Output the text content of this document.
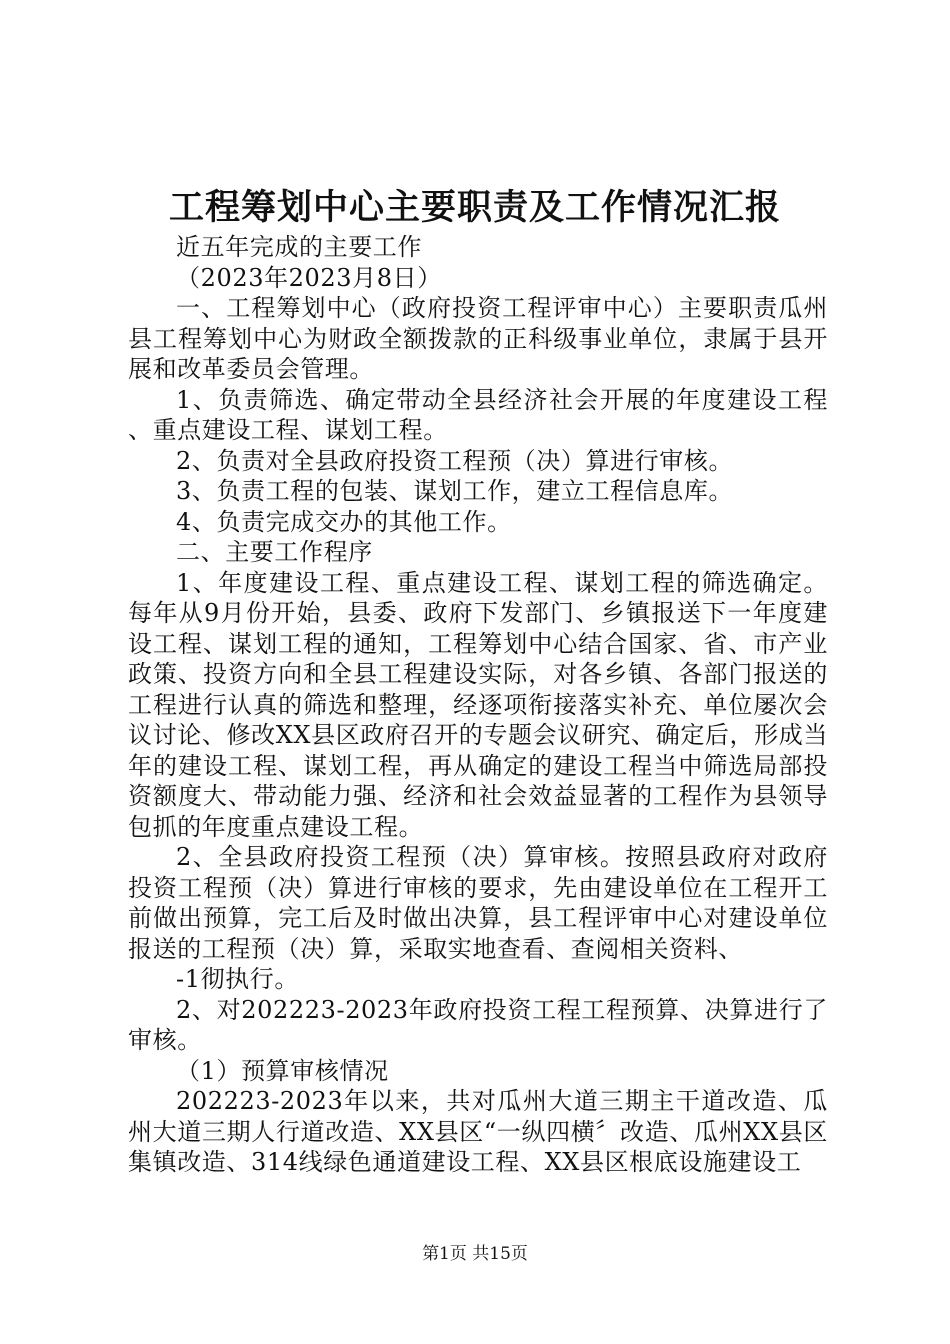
工程筹划中心主要职责及工作情况汇报

近五年完成的主要工作

（2023年2023月8日）

一、工程筹划中心（政府投资工程评审中心）主要职责瓜州县工程筹划中心为财政全额拨款的正科级事业单位，隶属于县开展和改革委员会管理。

1、负责筛选、确定带动全县经济社会开展的年度建设工程、重点建设工程、谋划工程。

2、负责对全县政府投资工程预（决）算进行审核。

3、负责工程的包装、谋划工作，建立工程信息库。

4、负责完成交办的其他工作。

二、主要工作程序

1、年度建设工程、重点建设工程、谋划工程的筛选确定。每年从9月份开始，县委、政府下发部门、乡镇报送下一年度建设工程、谋划工程的通知，工程筹划中心结合国家、省、市产业政策、投资方向和全县工程建设实际，对各乡镇、各部门报送的工程进行认真的筛选和整理，经逐项衔接落实补充、单位屡次会议讨论、修改XX县区政府召开的专题会议研究、确定后，形成当年的建设工程、谋划工程，再从确定的建设工程当中筛选局部投资额度大、带动能力强、经济和社会效益显著的工程作为县领导包抓的年度重点建设工程。

2、全县政府投资工程预（决）算审核。按照县政府对政府投资工程预（决）算进行审核的要求，先由建设单位在工程开工前做出预算，完工后及时做出决算，县工程评审中心对建设单位报送的工程预（决）算，采取实地查看、查阅相关资料、

-1彻执行。

2、对202223-2023年政府投资工程工程预算、决算进行了审核。

（1）预算审核情况

202223-2023年以来，共对瓜州大道三期主干道改造、瓜州大道三期人行道改造、XX县区“一纵四横〞改造、瓜州XX县区集镇改造、314线绿色通道建设工程、XX县区根底设施建设工

第1页 共15页
